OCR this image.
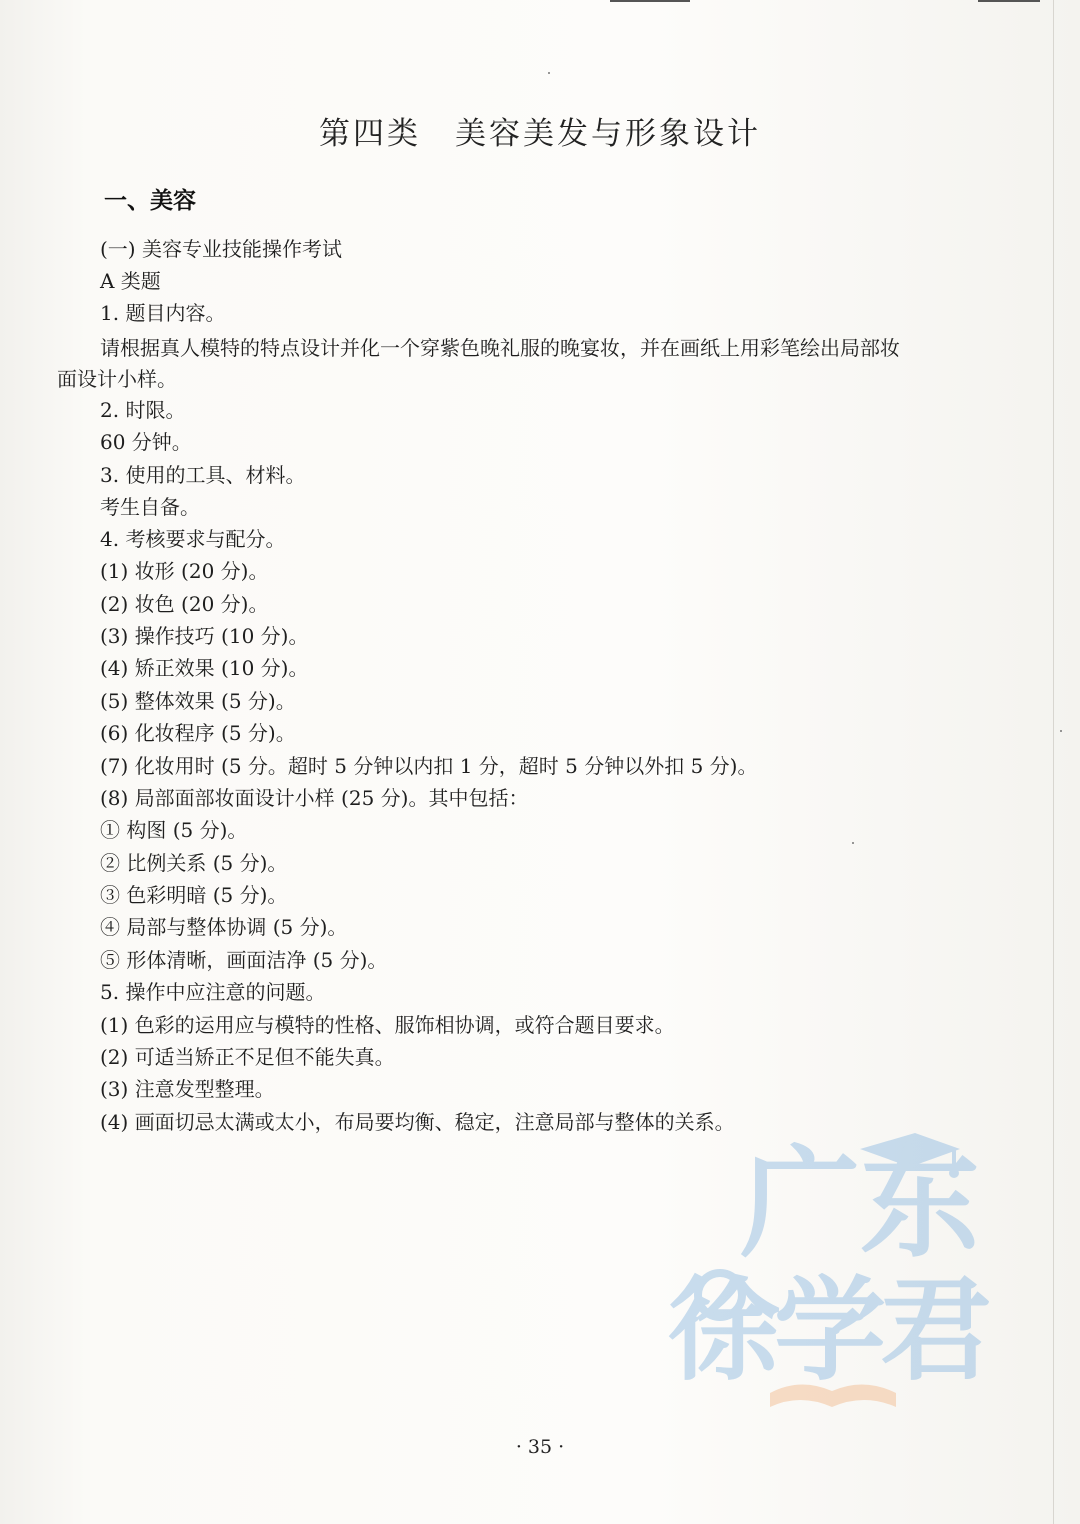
第四类　美容美发与形象设计
一、美容
(一) 美容专业技能操作考试
A 类题
1. 题目内容。
请根据真人模特的特点设计并化一个穿紫色晚礼服的晚宴妆，并在画纸上用彩笔绘出局部妆
面设计小样。
2. 时限。
60 分钟。
3. 使用的工具、材料。
考生自备。
4. 考核要求与配分。
(1) 妆形 (20 分)。
(2) 妆色 (20 分)。
(3) 操作技巧 (10 分)。
(4) 矫正效果 (10 分)。
(5) 整体效果 (5 分)。
(6) 化妆程序 (5 分)。
(7) 化妆用时 (5 分。超时 5 分钟以内扣 1 分，超时 5 分钟以外扣 5 分)。
(8) 局部面部妆面设计小样 (25 分)。其中包括：
① 构图 (5 分)。
② 比例关系 (5 分)。
③ 色彩明暗 (5 分)。
④ 局部与整体协调 (5 分)。
⑤ 形体清晰，画面洁净 (5 分)。
5. 操作中应注意的问题。
(1) 色彩的运用应与模特的性格、服饰相协调，或符合题目要求。
(2) 可适当矫正不足但不能失真。
(3) 注意发型整理。
(4) 画面切忌太满或太小，布局要均衡、稳定，注意局部与整体的关系。
广东
徐学君
· 35 ·
